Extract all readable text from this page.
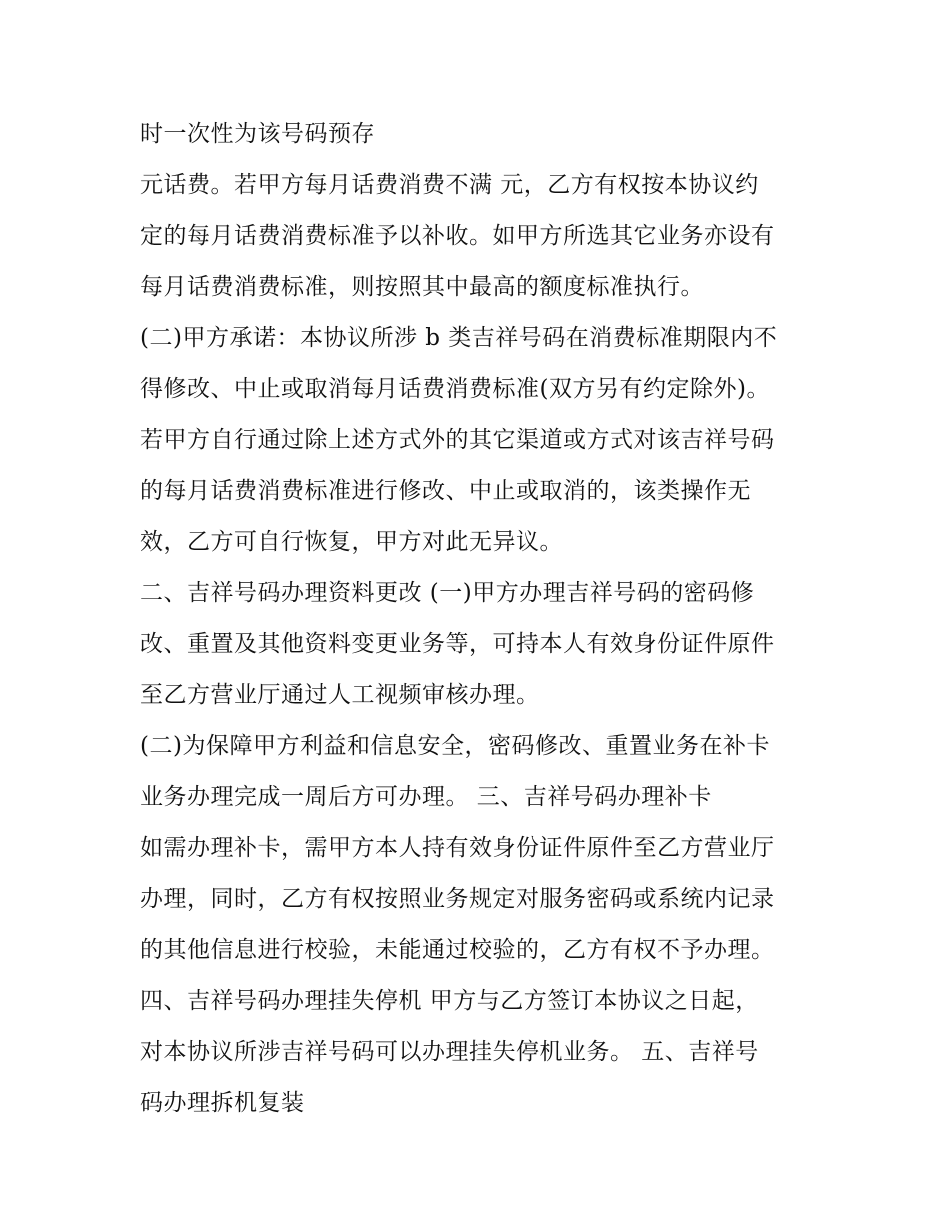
时一次性为该号码预存
元话费。若甲方每月话费消费不满 元，乙方有权按本协议约
定的每月话费消费标准予以补收。如甲方所选其它业务亦设有
每月话费消费标准，则按照其中最高的额度标准执行。
(二)甲方承诺：本协议所涉 b 类吉祥号码在消费标准期限内不
得修改、中止或取消每月话费消费标准(双方另有约定除外)。
若甲方自行通过除上述方式外的其它渠道或方式对该吉祥号码
的每月话费消费标准进行修改、中止或取消的，该类操作无
效，乙方可自行恢复，甲方对此无异议。
二、吉祥号码办理资料更改 (一)甲方办理吉祥号码的密码修
改、重置及其他资料变更业务等，可持本人有效身份证件原件
至乙方营业厅通过人工视频审核办理。
(二)为保障甲方利益和信息安全，密码修改、重置业务在补卡
业务办理完成一周后方可办理。 三、吉祥号码办理补卡
如需办理补卡，需甲方本人持有效身份证件原件至乙方营业厅
办理，同时，乙方有权按照业务规定对服务密码或系统内记录
的其他信息进行校验，未能通过校验的，乙方有权不予办理。
四、吉祥号码办理挂失停机 甲方与乙方签订本协议之日起，
对本协议所涉吉祥号码可以办理挂失停机业务。 五、吉祥号
码办理拆机复装
